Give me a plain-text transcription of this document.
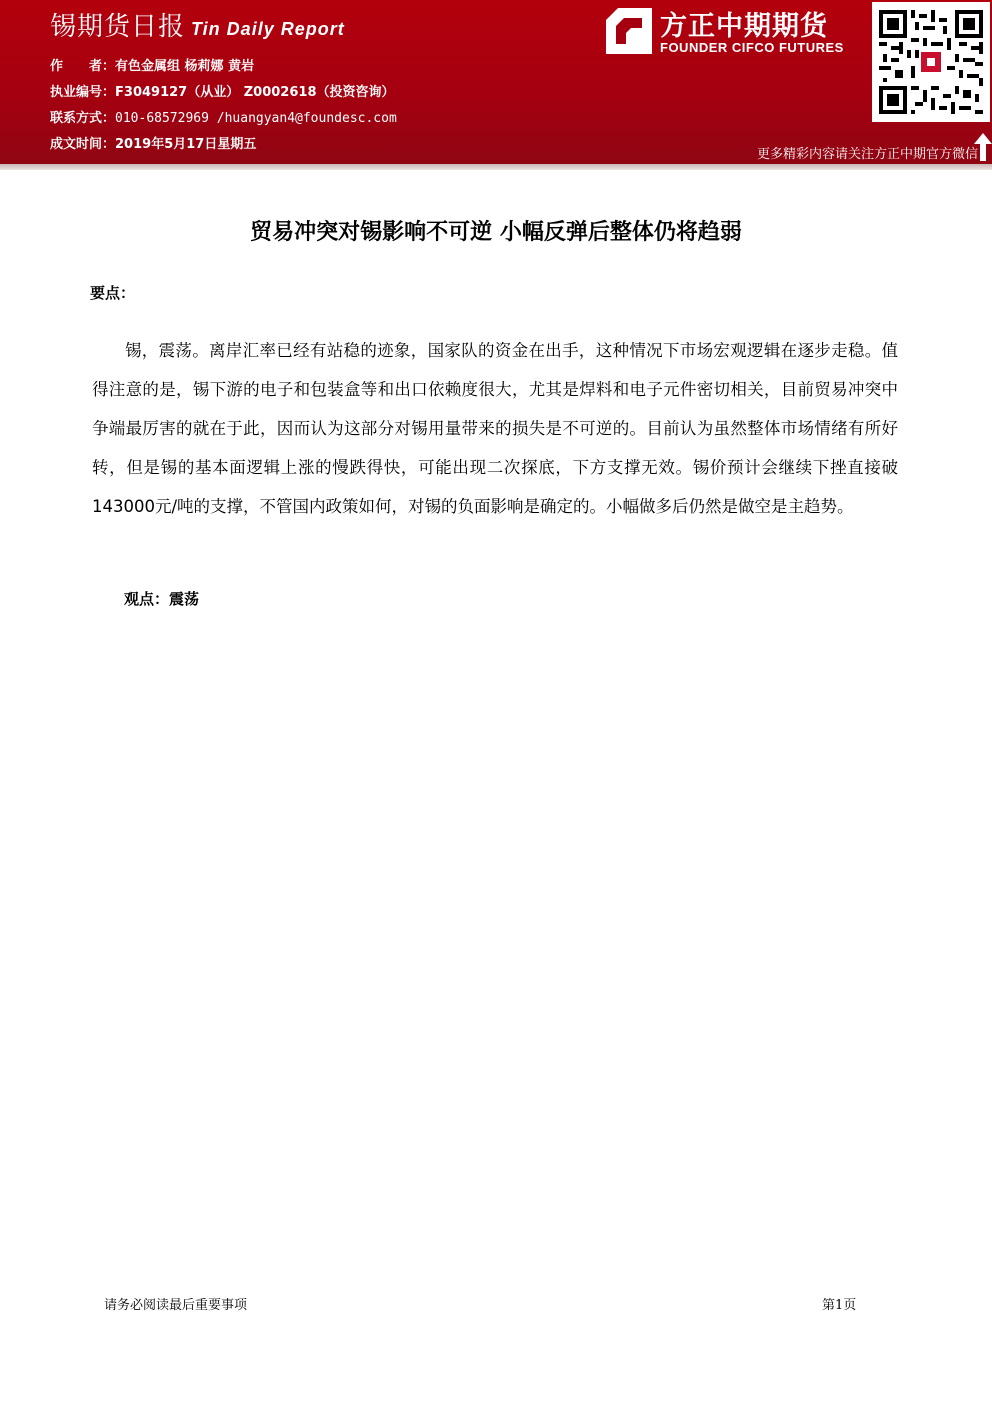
锡期货日报 Tin Daily Report
作　　者：有色金属组 杨莉娜 黄岩
执业编号：F3049127（从业） Z0002618（投资咨询）
联系方式：010-68572969 /huangyan4@foundesc.com
成文时间：2019年5月17日星期五
方正中期期货
FOUNDER CIFCO FUTURES
更多精彩内容请关注方正中期官方微信
贸易冲突对锡影响不可逆 小幅反弹后整体仍将趋弱
要点：

锡，震荡。离岸汇率已经有站稳的迹象，国家队的资金在出手，这种情况下市场宏观逻辑在逐步走稳。值得注意的是，锡下游的电子和包装盒等和出口依赖度很大，尤其是焊料和电子元件密切相关，目前贸易冲突中争端最厉害的就在于此，因而认为这部分对锡用量带来的损失是不可逆的。目前认为虽然整体市场情绪有所好转，但是锡的基本面逻辑上涨的慢跌得快，可能出现二次探底，下方支撑无效。锡价预计会继续下挫直接破143000元/吨的支撑，不管国内政策如何，对锡的负面影响是确定的。小幅做多后仍然是做空是主趋势。

观点：震荡
请务必阅读最后重要事项	第1页
